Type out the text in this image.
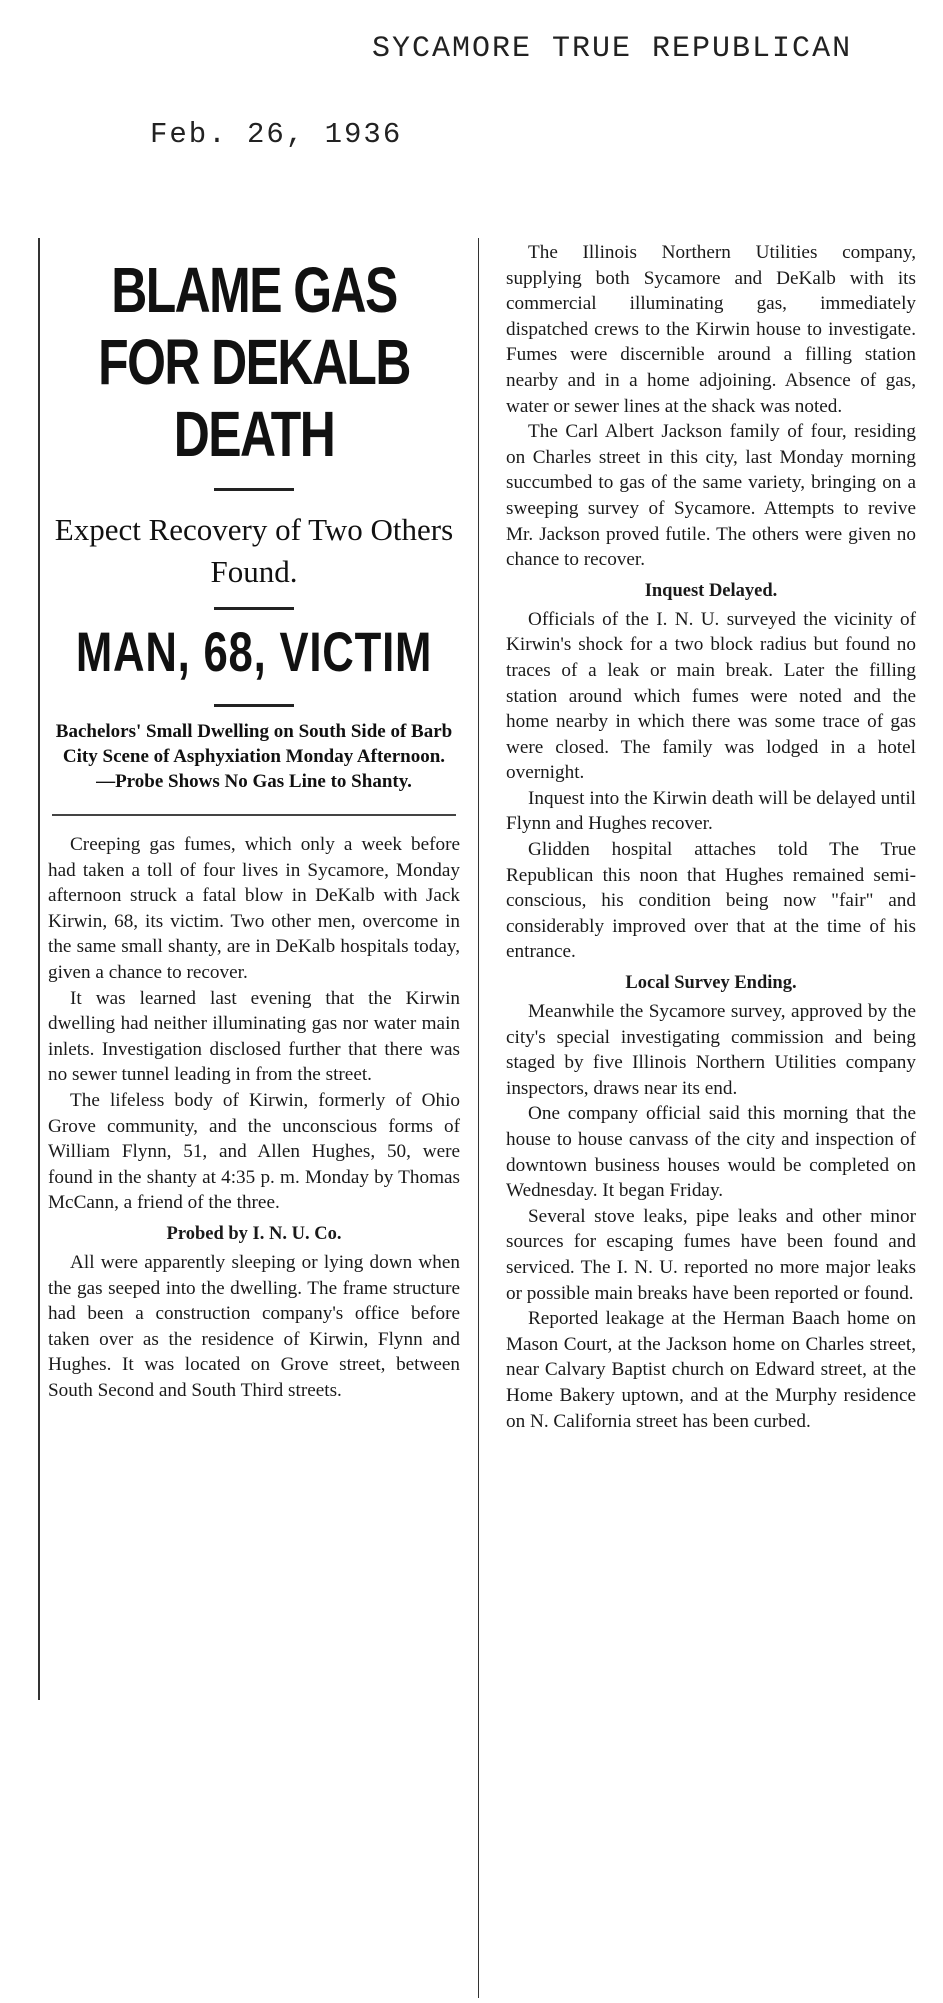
SYCAMORE TRUE REPUBLICAN
Feb. 26, 1936
BLAME GAS FOR DEKALB DEATH
Expect Recovery of Two Others Found.
MAN, 68, VICTIM
Bachelors' Small Dwelling on South Side of Barb City Scene of Asphyxiation Monday Afternoon.—Probe Shows No Gas Line to Shanty.

Creeping gas fumes, which only a week before had taken a toll of four lives in Sycamore, Monday afternoon struck a fatal blow in DeKalb with Jack Kirwin, 68, its victim. Two other men, overcome in the same small shanty, are in DeKalb hospitals today, given a chance to recover.

It was learned last evening that the Kirwin dwelling had neither illuminating gas nor water main inlets. Investigation disclosed further that there was no sewer tunnel leading in from the street.

The lifeless body of Kirwin, formerly of Ohio Grove community, and the unconscious forms of William Flynn, 51, and Allen Hughes, 50, were found in the shanty at 4:35 p. m. Monday by Thomas McCann, a friend of the three.

Probed by I. N. U. Co.

All were apparently sleeping or lying down when the gas seeped into the dwelling. The frame structure had been a construction company's office before taken over as the residence of Kirwin, Flynn and Hughes. It was located on Grove street, between South Second and South Third streets.

The Illinois Northern Utilities company, supplying both Sycamore and DeKalb with its commercial illuminating gas, immediately dispatched crews to the Kirwin house to investigate. Fumes were discernible around a filling station nearby and in a home adjoining. Absence of gas, water or sewer lines at the shack was noted.

The Carl Albert Jackson family of four, residing on Charles street in this city, last Monday morning succumbed to gas of the same variety, bringing on a sweeping survey of Sycamore. Attempts to revive Mr. Jackson proved futile. The others were given no chance to recover.

Inquest Delayed.

Officials of the I. N. U. surveyed the vicinity of Kirwin's shock for a two block radius but found no traces of a leak or main break. Later the filling station around which fumes were noted and the home nearby in which there was some trace of gas were closed. The family was lodged in a hotel overnight.

Inquest into the Kirwin death will be delayed until Flynn and Hughes recover.

Glidden hospital attaches told The True Republican this noon that Hughes remained semi-conscious, his condition being now "fair" and considerably improved over that at the time of his entrance.

Local Survey Ending.

Meanwhile the Sycamore survey, approved by the city's special investigating commission and being staged by five Illinois Northern Utilities company inspectors, draws near its end.

One company official said this morning that the house to house canvass of the city and inspection of downtown business houses would be completed on Wednesday. It began Friday.

Several stove leaks, pipe leaks and other minor sources for escaping fumes have been found and serviced. The I. N. U. reported no more major leaks or possible main breaks have been reported or found.

Reported leakage at the Herman Baach home on Mason Court, at the Jackson home on Charles street, near Calvary Baptist church on Edward street, at the Home Bakery uptown, and at the Murphy residence on N. California street has been curbed.
